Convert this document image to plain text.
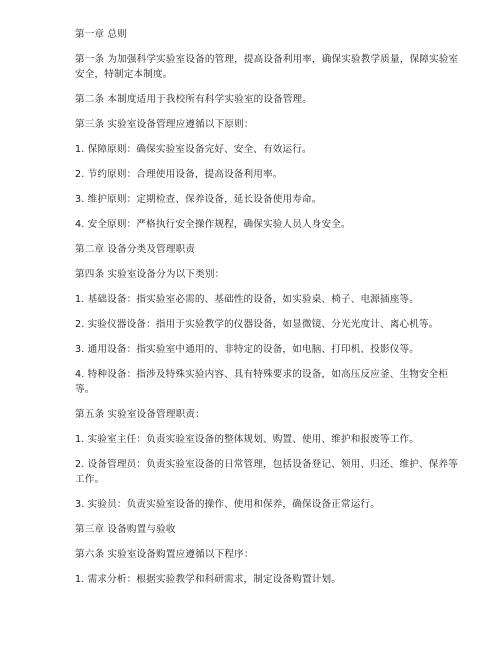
第一章 总则

第一条 为加强科学实验室设备的管理，提高设备利用率，确保实验教学质量，保障实验室安全，特制定本制度。

第二条 本制度适用于我校所有科学实验室的设备管理。

第三条 实验室设备管理应遵循以下原则：

1. 保障原则：确保实验室设备完好、安全、有效运行。

2. 节约原则：合理使用设备，提高设备利用率。

3. 维护原则：定期检查、保养设备，延长设备使用寿命。

4. 安全原则：严格执行安全操作规程，确保实验人员人身安全。

第二章 设备分类及管理职责

第四条 实验室设备分为以下类别：

1. 基础设备：指实验室必需的、基础性的设备，如实验桌、椅子、电源插座等。

2. 实验仪器设备：指用于实验教学的仪器设备，如显微镜、分光光度计、离心机等。

3. 通用设备：指实验室中通用的、非特定的设备，如电脑、打印机、投影仪等。

4. 特种设备：指涉及特殊实验内容、具有特殊要求的设备，如高压反应釜、生物安全柜等。

第五条 实验室设备管理职责：

1. 实验室主任：负责实验室设备的整体规划、购置、使用、维护和报废等工作。

2. 设备管理员：负责实验室设备的日常管理，包括设备登记、领用、归还、维护、保养等工作。

3. 实验员：负责实验室设备的操作、使用和保养，确保设备正常运行。

第三章 设备购置与验收

第六条 实验室设备购置应遵循以下程序：

1. 需求分析：根据实验教学和科研需求，制定设备购置计划。
